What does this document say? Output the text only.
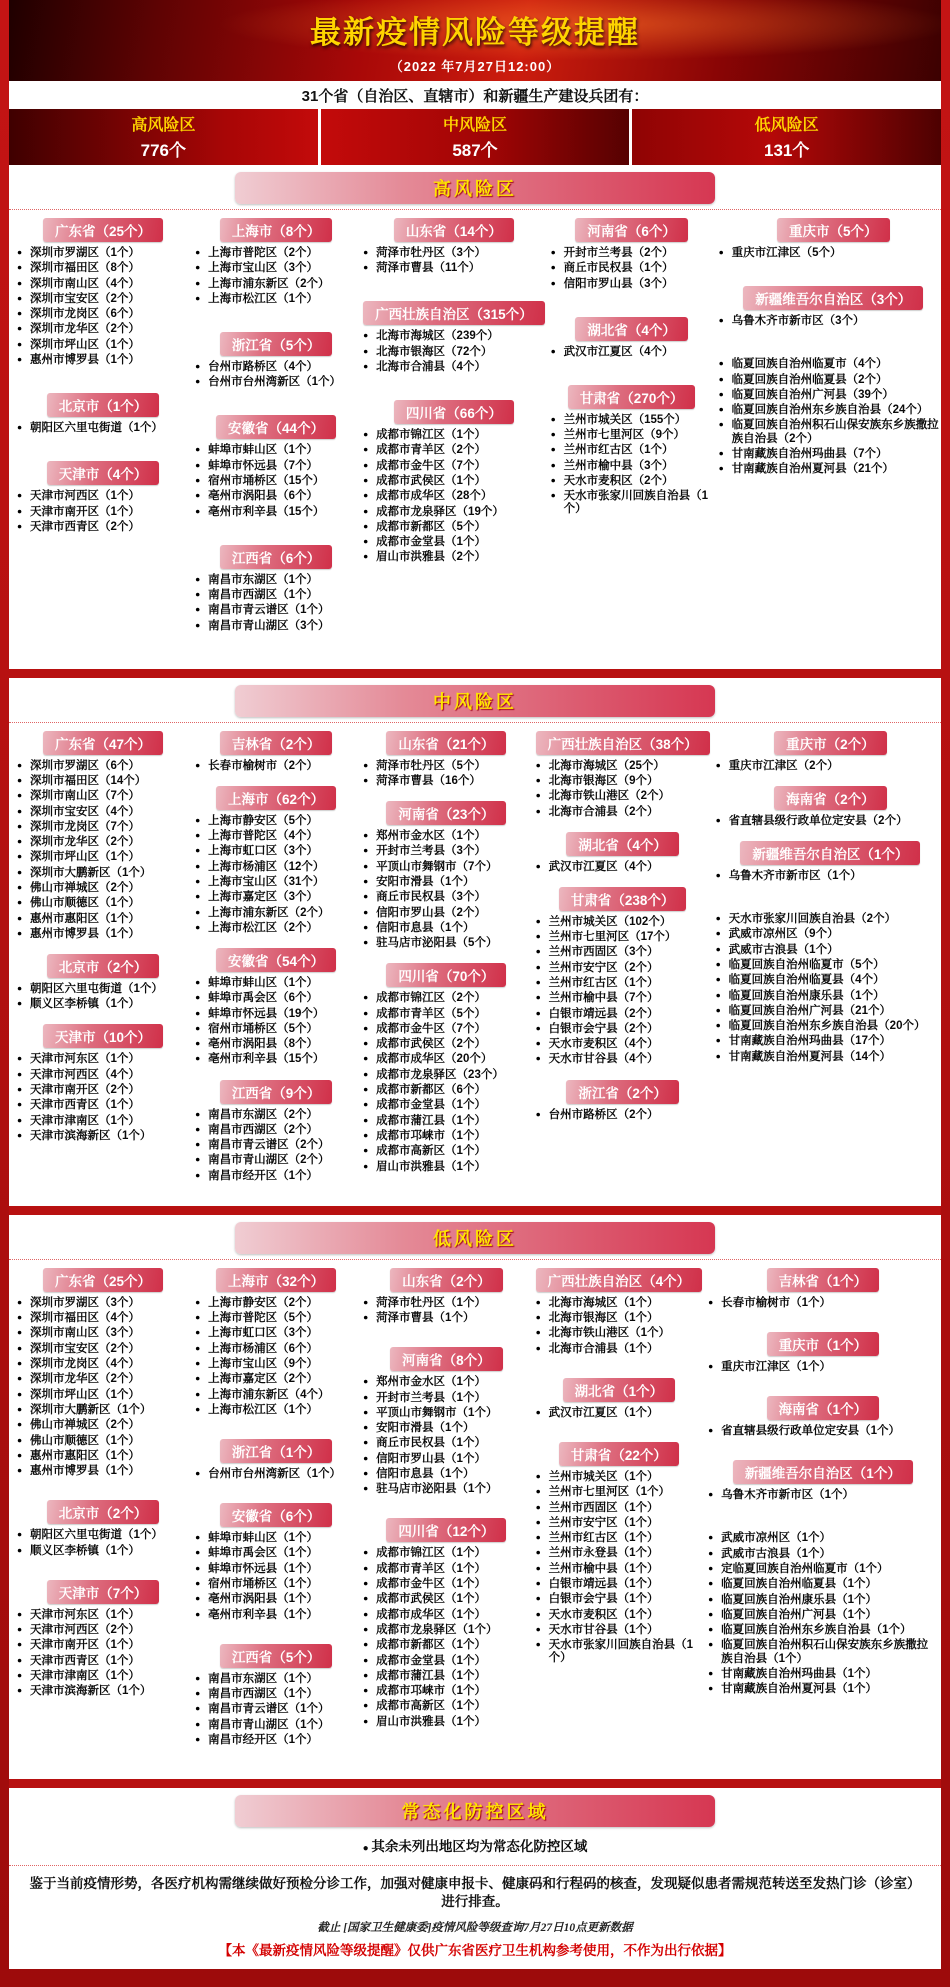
最新疫情风险等级提醒
（2022 年7月27日12:00）
31个省（自治区、直辖市）和新疆生产建设兵团有：
高风险区
776个
中风险区
587个
低风险区
131个
高风险区
广东省（25个）
● 深圳市罗湖区（1个）
● 深圳市福田区（8个）
● 深圳市南山区（4个）
● 深圳市宝安区（2个）
● 深圳市龙岗区（6个）
● 深圳市龙华区（2个）
● 深圳市坪山区（1个）
● 惠州市博罗县（1个）
北京市（1个）
● 朝阳区六里屯街道（1个）
天津市（4个）
● 天津市河西区（1个）
● 天津市南开区（1个）
● 天津市西青区（2个）
上海市（8个）
● 上海市普陀区（2个）
● 上海市宝山区（3个）
● 上海市浦东新区（2个）
● 上海市松江区（1个）
浙江省（5个）
● 台州市路桥区（4个）
● 台州市台州湾新区（1个）
安徽省（44个）
● 蚌埠市蚌山区（1个）
● 蚌埠市怀远县（7个）
● 宿州市埇桥区（15个）
● 亳州市涡阳县（6个）
● 亳州市利辛县（15个）
江西省（6个）
● 南昌市东湖区（1个）
● 南昌市西湖区（1个）
● 南昌市青云谱区（1个）
● 南昌市青山湖区（3个）
山东省（14个）
● 菏泽市牡丹区（3个）
● 菏泽市曹县（11个）
广西壮族自治区（315个）
● 北海市海城区（239个）
● 北海市银海区（72个）
● 北海市合浦县（4个）
四川省（66个）
● 成都市锦江区（1个）
● 成都市青羊区（2个）
● 成都市金牛区（7个）
● 成都市武侯区（1个）
● 成都市成华区（28个）
● 成都市龙泉驿区（19个）
● 成都市新都区（5个）
● 成都市金堂县（1个）
● 眉山市洪雅县（2个）
河南省（6个）
● 开封市兰考县（2个）
● 商丘市民权县（1个）
● 信阳市罗山县（3个）
湖北省（4个）
● 武汉市江夏区（4个）
甘肃省（270个）
● 兰州市城关区（155个）
● 兰州市七里河区（9个）
● 兰州市红古区（1个）
● 兰州市榆中县（3个）
● 天水市麦积区（2个）
● 天水市张家川回族自治县（1个）
重庆市（5个）
● 重庆市江津区（5个）
新疆维吾尔自治区（3个）
● 乌鲁木齐市新市区（3个）
● 临夏回族自治州临夏市（4个）
● 临夏回族自治州临夏县（2个）
● 临夏回族自治州广河县（39个）
● 临夏回族自治州东乡族自治县（24个）
● 临夏回族自治州积石山保安族东乡族撒拉族自治县（2个）
● 甘南藏族自治州玛曲县（7个）
● 甘南藏族自治州夏河县（21个）
中风险区
广东省（47个）
● 深圳市罗湖区（6个）
● 深圳市福田区（14个）
● 深圳市南山区（7个）
● 深圳市宝安区（4个）
● 深圳市龙岗区（7个）
● 深圳市龙华区（2个）
● 深圳市坪山区（1个）
● 深圳市大鹏新区（1个）
● 佛山市禅城区（2个）
● 佛山市顺德区（1个）
● 惠州市惠阳区（1个）
● 惠州市博罗县（1个）
北京市（2个）
● 朝阳区六里屯街道（1个）
● 顺义区李桥镇（1个）
天津市（10个）
● 天津市河东区（1个）
● 天津市河西区（4个）
● 天津市南开区（2个）
● 天津市西青区（1个）
● 天津市津南区（1个）
● 天津市滨海新区（1个）
吉林省（2个）
● 长春市榆树市（2个）
上海市（62个）
● 上海市静安区（5个）
● 上海市普陀区（4个）
● 上海市虹口区（3个）
● 上海市杨浦区（12个）
● 上海市宝山区（31个）
● 上海市嘉定区（3个）
● 上海市浦东新区（2个）
● 上海市松江区（2个）
安徽省（54个）
● 蚌埠市蚌山区（1个）
● 蚌埠市禹会区（6个）
● 蚌埠市怀远县（19个）
● 宿州市埇桥区（5个）
● 亳州市涡阳县（8个）
● 亳州市利辛县（15个）
江西省（9个）
● 南昌市东湖区（2个）
● 南昌市西湖区（2个）
● 南昌市青云谱区（2个）
● 南昌市青山湖区（2个）
● 南昌市经开区（1个）
山东省（21个）
● 菏泽市牡丹区（5个）
● 菏泽市曹县（16个）
河南省（23个）
● 郑州市金水区（1个）
● 开封市兰考县（3个）
● 平顶山市舞钢市（7个）
● 安阳市滑县（1个）
● 商丘市民权县（3个）
● 信阳市罗山县（2个）
● 信阳市息县（1个）
● 驻马店市泌阳县（5个）
四川省（70个）
● 成都市锦江区（2个）
● 成都市青羊区（5个）
● 成都市金牛区（7个）
● 成都市武侯区（2个）
● 成都市成华区（20个）
● 成都市龙泉驿区（23个）
● 成都市新都区（6个）
● 成都市金堂县（1个）
● 成都市蒲江县（1个）
● 成都市邛崃市（1个）
● 成都市高新区（1个）
● 眉山市洪雅县（1个）
广西壮族自治区（38个）
● 北海市海城区（25个）
● 北海市银海区（9个）
● 北海市铁山港区（2个）
● 北海市合浦县（2个）
湖北省（4个）
● 武汉市江夏区（4个）
甘肃省（238个）
● 兰州市城关区（102个）
● 兰州市七里河区（17个）
● 兰州市西固区（3个）
● 兰州市安宁区（2个）
● 兰州市红古区（1个）
● 兰州市榆中县（7个）
● 白银市靖远县（2个）
● 白银市会宁县（2个）
● 天水市麦积区（4个）
● 天水市甘谷县（4个）
浙江省（2个）
● 台州市路桥区（2个）
重庆市（2个）
● 重庆市江津区（2个）
海南省（2个）
● 省直辖县级行政单位定安县（2个）
新疆维吾尔自治区（1个）
● 乌鲁木齐市新市区（1个）
● 天水市张家川回族自治县（2个）
● 武威市凉州区（9个）
● 武威市古浪县（1个）
● 临夏回族自治州临夏市（5个）
● 临夏回族自治州临夏县（4个）
● 临夏回族自治州康乐县（1个）
● 临夏回族自治州广河县（21个）
● 临夏回族自治州东乡族自治县（20个）
● 甘南藏族自治州玛曲县（17个）
● 甘南藏族自治州夏河县（14个）
低风险区
广东省（25个）
● 深圳市罗湖区（3个）
● 深圳市福田区（4个）
● 深圳市南山区（3个）
● 深圳市宝安区（2个）
● 深圳市龙岗区（4个）
● 深圳市龙华区（2个）
● 深圳市坪山区（1个）
● 深圳市大鹏新区（1个）
● 佛山市禅城区（2个）
● 佛山市顺德区（1个）
● 惠州市惠阳区（1个）
● 惠州市博罗县（1个）
北京市（2个）
● 朝阳区六里屯街道（1个）
● 顺义区李桥镇（1个）
天津市（7个）
● 天津市河东区（1个）
● 天津市河西区（2个）
● 天津市南开区（1个）
● 天津市西青区（1个）
● 天津市津南区（1个）
● 天津市滨海新区（1个）
上海市（32个）
● 上海市静安区（2个）
● 上海市普陀区（5个）
● 上海市虹口区（3个）
● 上海市杨浦区（6个）
● 上海市宝山区（9个）
● 上海市嘉定区（2个）
● 上海市浦东新区（4个）
● 上海市松江区（1个）
浙江省（1个）
● 台州市台州湾新区（1个）
安徽省（6个）
● 蚌埠市蚌山区（1个）
● 蚌埠市禹会区（1个）
● 蚌埠市怀远县（1个）
● 宿州市埇桥区（1个）
● 亳州市涡阳县（1个）
● 亳州市利辛县（1个）
江西省（5个）
● 南昌市东湖区（1个）
● 南昌市西湖区（1个）
● 南昌市青云谱区（1个）
● 南昌市青山湖区（1个）
● 南昌市经开区（1个）
山东省（2个）
● 菏泽市牡丹区（1个）
● 菏泽市曹县（1个）
河南省（8个）
● 郑州市金水区（1个）
● 开封市兰考县（1个）
● 平顶山市舞钢市（1个）
● 安阳市滑县（1个）
● 商丘市民权县（1个）
● 信阳市罗山县（1个）
● 信阳市息县（1个）
● 驻马店市泌阳县（1个）
四川省（12个）
● 成都市锦江区（1个）
● 成都市青羊区（1个）
● 成都市金牛区（1个）
● 成都市武侯区（1个）
● 成都市成华区（1个）
● 成都市龙泉驿区（1个）
● 成都市新都区（1个）
● 成都市金堂县（1个）
● 成都市蒲江县（1个）
● 成都市邛崃市（1个）
● 成都市高新区（1个）
● 眉山市洪雅县（1个）
广西壮族自治区（4个）
● 北海市海城区（1个）
● 北海市银海区（1个）
● 北海市铁山港区（1个）
● 北海市合浦县（1个）
湖北省（1个）
● 武汉市江夏区（1个）
甘肃省（22个）
● 兰州市城关区（1个）
● 兰州市七里河区（1个）
● 兰州市西固区（1个）
● 兰州市安宁区（1个）
● 兰州市红古区（1个）
● 兰州市永登县（1个）
● 兰州市榆中县（1个）
● 白银市靖远县（1个）
● 白银市会宁县（1个）
● 天水市麦积区（1个）
● 天水市甘谷县（1个）
● 天水市张家川回族自治县（1个）
吉林省（1个）
● 长春市榆树市（1个）
重庆市（1个）
● 重庆市江津区（1个）
海南省（1个）
● 省直辖县级行政单位定安县（1个）
新疆维吾尔自治区（1个）
● 乌鲁木齐市新市区（1个）
● 武威市凉州区（1个）
● 武威市古浪县（1个）
● 定临夏回族自治州临夏市（1个）
● 临夏回族自治州临夏县（1个）
● 临夏回族自治州康乐县（1个）
● 临夏回族自治州广河县（1个）
● 临夏回族自治州东乡族自治县（1个）
● 临夏回族自治州积石山保安族东乡族撒拉族自治县（1个）
● 甘南藏族自治州玛曲县（1个）
● 甘南藏族自治州夏河县（1个）
常态化防控区域
● 其余未列出地区均为常态化防控区域
鉴于当前疫情形势，各医疗机构需继续做好预检分诊工作，加强对健康申报卡、健康码和行程码的核查，发现疑似患者需规范转送至发热门诊（诊室）进行排查。
截止 [国家卫生健康委]疫情风险等级查询7月27日10点更新数据
【本《最新疫情风险等级提醒》仅供广东省医疗卫生机构参考使用，不作为出行依据】
